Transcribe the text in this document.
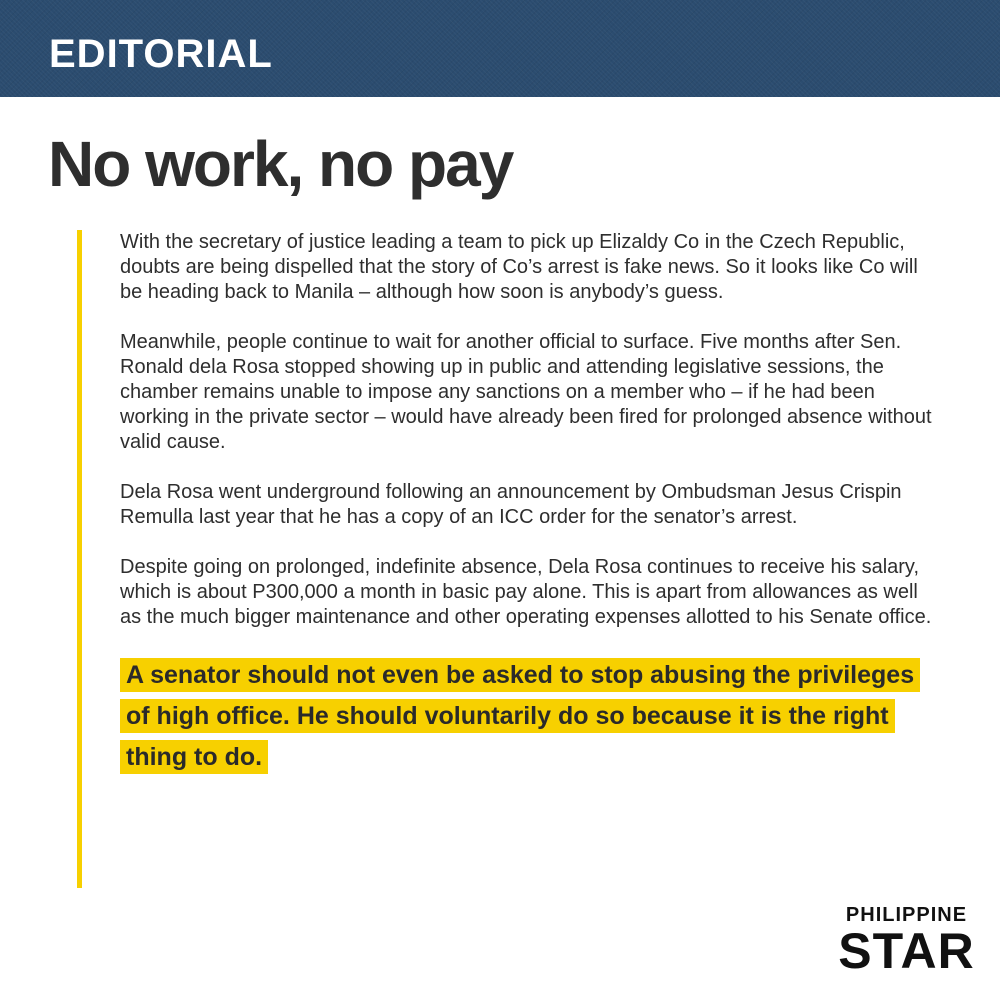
EDITORIAL
No work, no pay

With the secretary of justice leading a team to pick up Elizaldy Co in the Czech Republic, doubts are being dispelled that the story of Co’s arrest is fake news. So it looks like Co will be heading back to Manila – although how soon is anybody’s guess.

Meanwhile, people continue to wait for another official to surface. Five months after Sen. Ronald dela Rosa stopped showing up in public and attending legislative sessions, the chamber remains unable to impose any sanctions on a member who – if he had been working in the private sector – would have already been fired for prolonged absence without valid cause.

Dela Rosa went underground following an announcement by Ombudsman Jesus Crispin Remulla last year that he has a copy of an ICC order for the senator’s arrest.

Despite going on prolonged, indefinite absence, Dela Rosa continues to receive his salary, which is about P300,000 a month in basic pay alone. This is apart from allowances as well as the much bigger maintenance and other operating expenses allotted to his Senate office.

A senator should not even be asked to stop abusing the privileges of high office. He should voluntarily do so because it is the right thing to do.

PHILIPPINE
STAR
